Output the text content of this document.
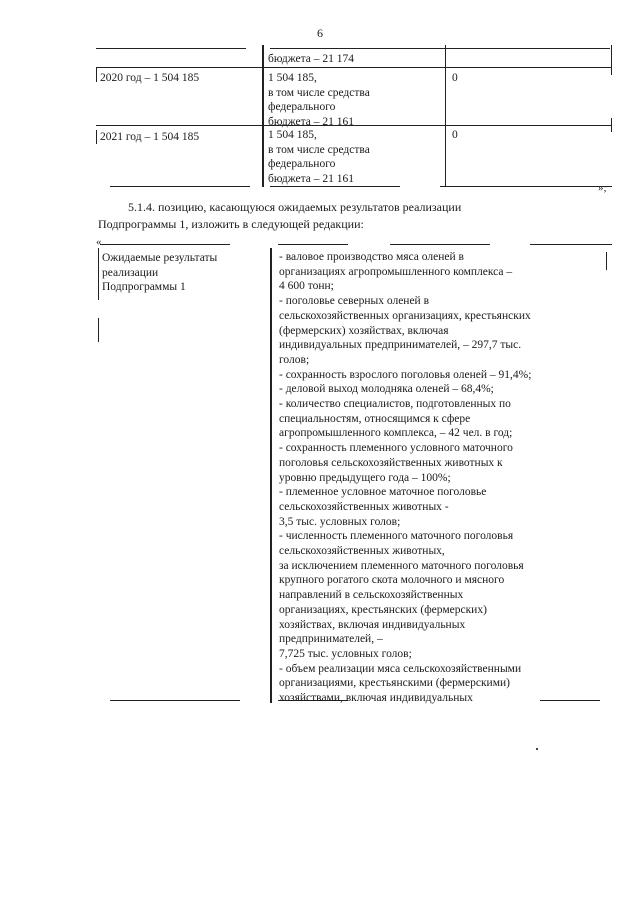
6
бюджета – 21 174
2020 год – 1 504 185	1 504 185,
в том числе средства
федерального
бюджета – 21 161
0
2021 год – 1 504 185	1 504 185,
в том числе средства
федерального
бюджета – 21 161
0
»;
5.1.4. позицию, касающуюся ожидаемых результатов реализации
Подпрограммы 1, изложить в следующей редакции:
«
Ожидаемые результаты
реализации
Подпрограммы 1
- валовое производство мяса оленей в
организациях агропромышленного комплекса –
4 600 тонн;
- поголовье северных оленей в
сельскохозяйственных организациях, крестьянских
(фермерских) хозяйствах, включая
индивидуальных предпринимателей, – 297,7 тыс.
голов;
- сохранность взрослого поголовья оленей – 91,4%;
- деловой выход молодняка оленей – 68,4%;
- количество специалистов, подготовленных по
специальностям, относящимся к сфере
агропромышленного комплекса, – 42 чел. в год;
- сохранность племенного условного маточного
поголовья сельскохозяйственных животных к
уровню предыдущего года – 100%;
- племенное условное маточное поголовье
сельскохозяйственных животных -
3,5 тыс. условных голов;
- численность племенного маточного поголовья
сельскохозяйственных животных,
за исключением племенного маточного поголовья
крупного рогатого скота молочного и мясного
направлений в сельскохозяйственных
организациях, крестьянских (фермерских)
хозяйствах, включая индивидуальных
предпринимателей, –
7,725 тыс. условных голов;
- объем реализации мяса сельскохозяйственными
организациями, крестьянскими (фермерскими)
хозяйствами, включая индивидуальных
